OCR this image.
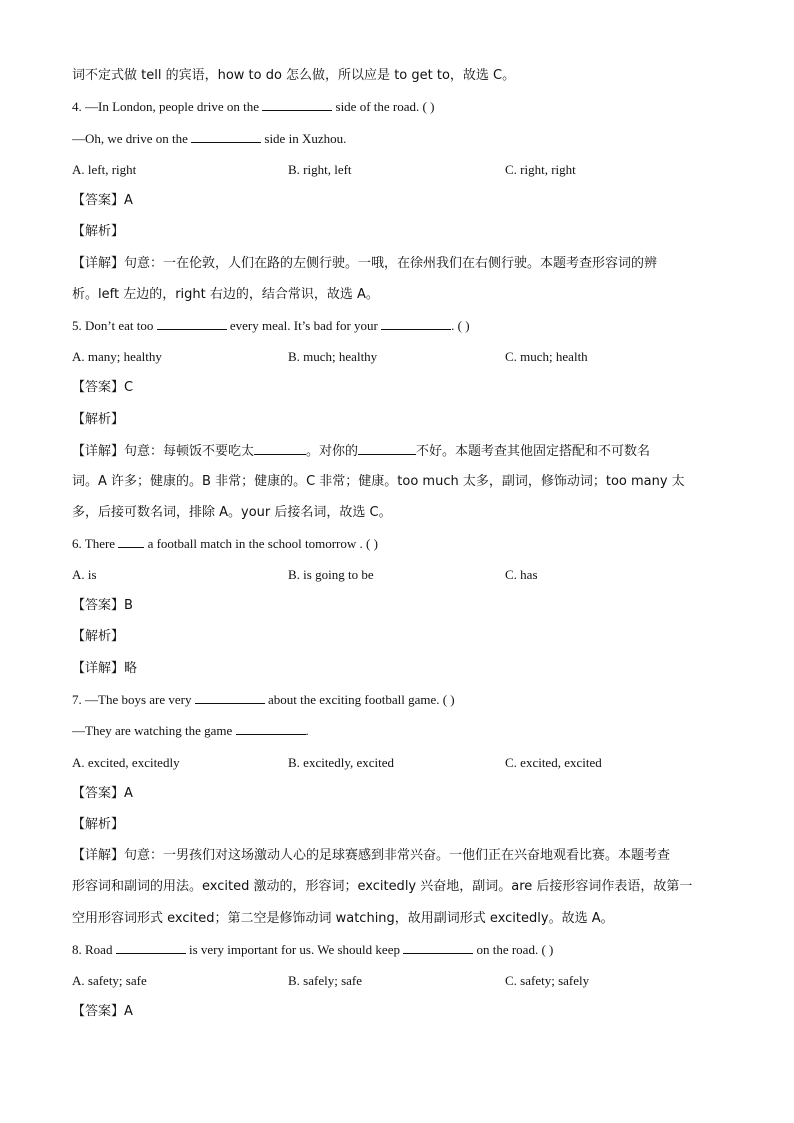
词不定式做 tell 的宾语，how to do 怎么做，所以应是 to get to，故选 C。
4. —In London, people drive on the	side of the road. ( )
—Oh, we drive on the	side in Xuzhou.
A. left, right	B. right, left	C. right, right
【答案】A
【解析】
【详解】句意：一在伦敦，人们在路的左侧行驶。一哦，在徐州我们在右侧行驶。本题考查形容词的辨
析。left 左边的，right 右边的，结合常识，故选 A。
5. Don’t eat too	every meal. It’s bad for your	. ( )
A. many; healthy	B. much; healthy	C. much; health
【答案】C
【解析】
【详解】句意：每顿饭不要吃太	。对你的	不好。本题考查其他固定搭配和不可数名
词。A 许多；健康的。B 非常；健康的。C 非常；健康。too much 太多，副词，修饰动词；too many 太
多，后接可数名词，排除 A。your 后接名词，故选 C。
6. There	a football match in the school tomorrow . ( )
A. is	B. is going to be	C. has
【答案】B
【解析】
【详解】略
7. —The boys are very	about the exciting football game. ( )
—They are watching the game	.
A. excited, excitedly	B. excitedly, excited	C. excited, excited
【答案】A
【解析】
【详解】句意：一男孩们对这场激动人心的足球赛感到非常兴奋。一他们正在兴奋地观看比赛。本题考查
形容词和副词的用法。excited 激动的，形容词；excitedly 兴奋地，副词。are 后接形容词作表语，故第一
空用形容词形式 excited；第二空是修饰动词 watching，故用副词形式 excitedly。故选 A。
8. Road	is very important for us. We should keep	on the road. ( )
A. safety; safe	B. safely; safe	C. safety; safely
【答案】A
